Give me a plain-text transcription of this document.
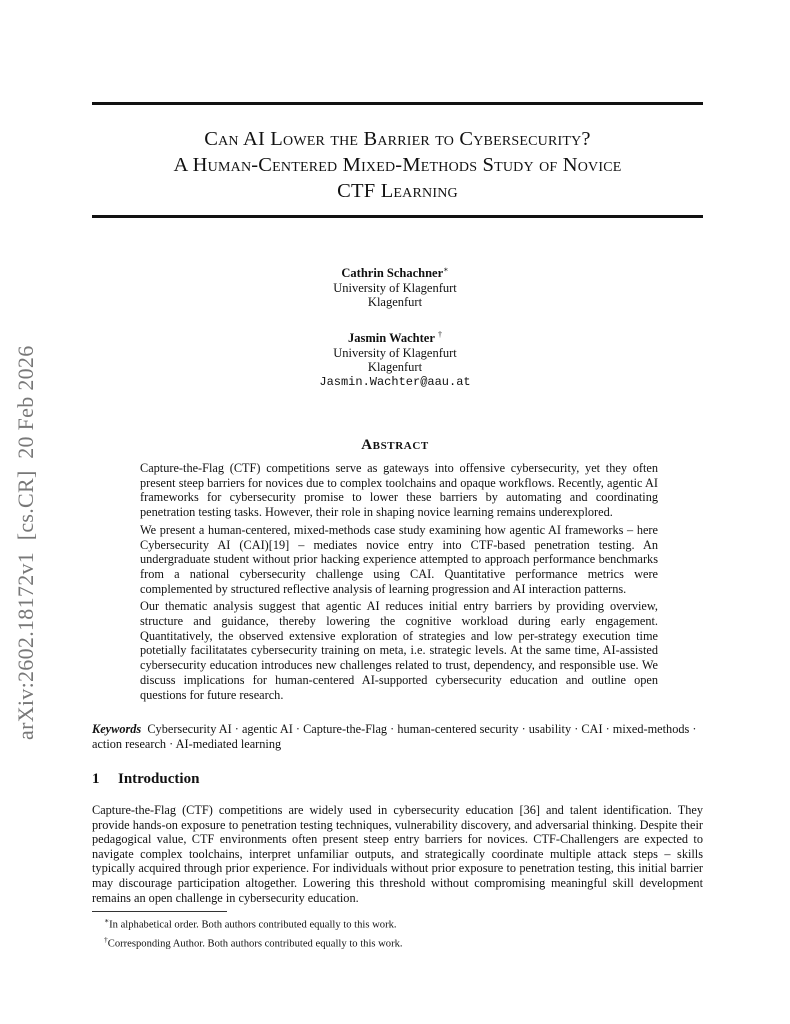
arXiv:2602.18172v1  [cs.CR]  20 Feb 2026
Can AI Lower the Barrier to Cybersecurity?
A Human-Centered Mixed-Methods Study of Novice
CTF Learning
Cathrin Schachner∗
University of Klagenfurt
Klagenfurt
Jasmin Wachter †
University of Klagenfurt
Klagenfurt
Jasmin.Wachter@aau.at
Abstract

Capture-the-Flag (CTF) competitions serve as gateways into offensive cybersecurity, yet they often present steep barriers for novices due to complex toolchains and opaque workflows. Recently, agentic AI frameworks for cybersecurity promise to lower these barriers by automating and coordinating penetration testing tasks. However, their role in shaping novice learning remains underexplored.

We present a human-centered, mixed-methods case study examining how agentic AI frameworks – here Cybersecurity AI (CAI)[19] – mediates novice entry into CTF-based penetration testing. An undergraduate student without prior hacking experience attempted to approach performance benchmarks from a national cybersecurity challenge using CAI. Quantitative performance metrics were complemented by structured reflective analysis of learning progression and AI interaction patterns.

Our thematic analysis suggest that agentic AI reduces initial entry barriers by providing overview, structure and guidance, thereby lowering the cognitive workload during early engagement. Quantitatively, the observed extensive exploration of strategies and low per-strategy execution time potetially facilitatates cybersecurity training on meta, i.e. strategic levels. At the same time, AI-assisted cybersecurity education introduces new challenges related to trust, dependency, and responsible use. We discuss implications for human-centered AI-supported cybersecurity education and outline open questions for future research.

Keywords Cybersecurity AI · agentic AI · Capture-the-Flag · human-centered security · usability · CAI · mixed-methods · action research · AI-mediated learning
1 Introduction

Capture-the-Flag (CTF) competitions are widely used in cybersecurity education [36] and talent identification. They provide hands-on exposure to penetration testing techniques, vulnerability discovery, and adversarial thinking. Despite their pedagogical value, CTF environments often present steep entry barriers for novices. CTF-Challengers are expected to navigate complex toolchains, interpret unfamiliar outputs, and strategically coordinate multiple attack steps – skills typically acquired through prior experience. For individuals without prior exposure to penetration testing, this initial barrier may discourage participation altogether. Lowering this threshold without compromising meaningful skill development remains an open challenge in cybersecurity education.

∗In alphabetical order. Both authors contributed equally to this work.
†Corresponding Author. Both authors contributed equally to this work.
